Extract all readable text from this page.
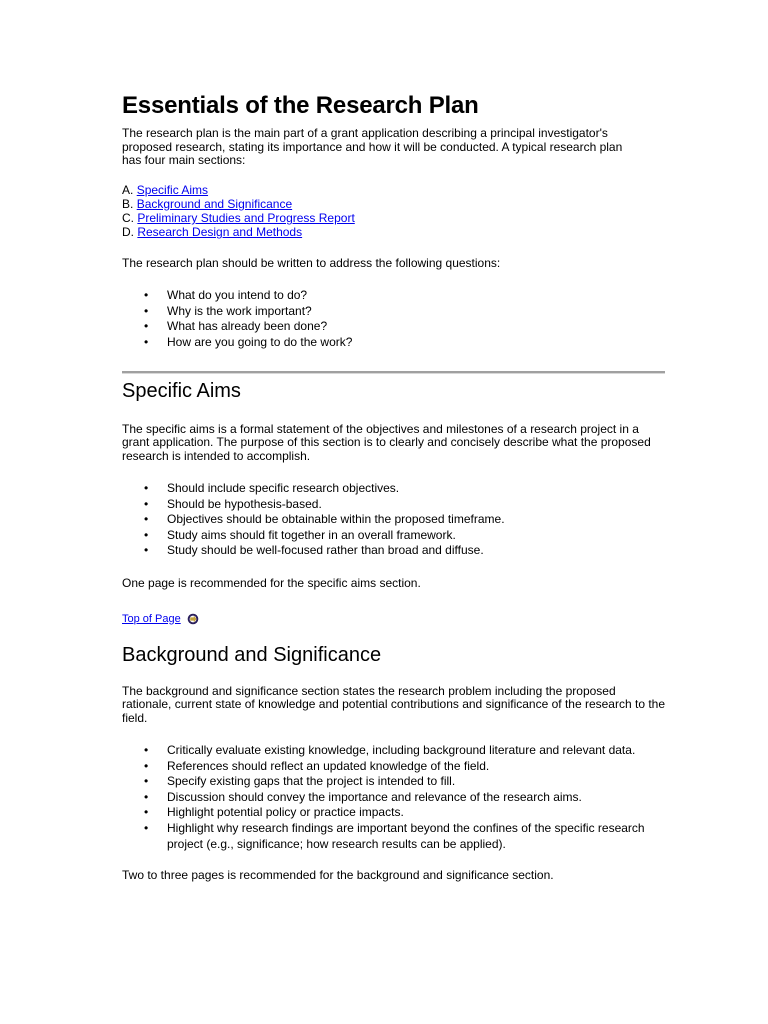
Essentials of the Research Plan

The research plan is the main part of a grant application describing a principal investigator's proposed research, stating its importance and how it will be conducted. A typical research plan has four main sections:

A. Specific Aims
B. Background and Significance
C. Preliminary Studies and Progress Report
D. Research Design and Methods

The research plan should be written to address the following questions:

• What do you intend to do?
• Why is the work important?
• What has already been done?
• How are you going to do the work?
Specific Aims

The specific aims is a formal statement of the objectives and milestones of a research project in a grant application. The purpose of this section is to clearly and concisely describe what the proposed research is intended to accomplish.

• Should include specific research objectives.
• Should be hypothesis-based.
• Objectives should be obtainable within the proposed timeframe.
• Study aims should fit together in an overall framework.
• Study should be well-focused rather than broad and diffuse.

One page is recommended for the specific aims section.

Top of Page
Background and Significance

The background and significance section states the research problem including the proposed rationale, current state of knowledge and potential contributions and significance of the research to the field.

• Critically evaluate existing knowledge, including background literature and relevant data.
• References should reflect an updated knowledge of the field.
• Specify existing gaps that the project is intended to fill.
• Discussion should convey the importance and relevance of the research aims.
• Highlight potential policy or practice impacts.
• Highlight why research findings are important beyond the confines of the specific research project (e.g., significance; how research results can be applied).

Two to three pages is recommended for the background and significance section.
